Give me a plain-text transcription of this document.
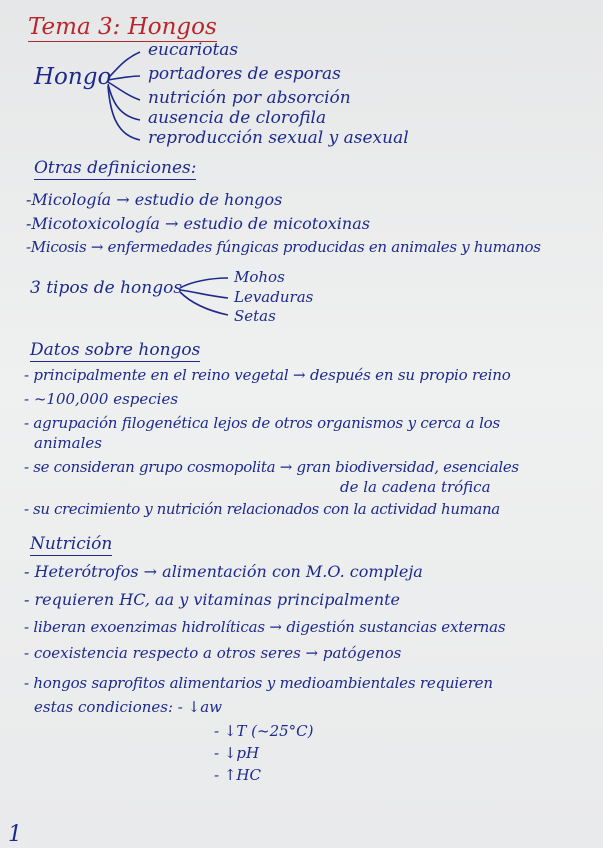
Tema 3: Hongos
Hongo
eucariotas
portadores de esporas
nutrición por absorción
ausencia de clorofila
reproducción sexual y asexual
Otras definiciones:
-Micología → estudio de hongos
-Micotoxicología → estudio de micotoxinas
-Micosis → enfermedades fúngicas producidas en animales y humanos
3 tipos de hongos
Mohos
Levaduras
Setas
Datos sobre hongos
- principalmente en el reino vegetal → después en su propio reino
- ~100,000 especies
- agrupación filogenética lejos de otros organismos y cerca a los
animales
- se consideran grupo cosmopolita → gran biodiversidad, esenciales
de la cadena trófica
- su crecimiento y nutrición relacionados con la actividad humana
Nutrición
- Heterótrofos → alimentación con M.O. compleja
- requieren HC, aa y vitaminas principalmente
- liberan exoenzimas hidrolíticas → digestión sustancias externas
- coexistencia respecto a otros seres → patógenos
- hongos saprofitos alimentarios y medioambientales requieren
estas condiciones: - ↓aw
- ↓T (~25°C)
- ↓pH
- ↑HC
1
